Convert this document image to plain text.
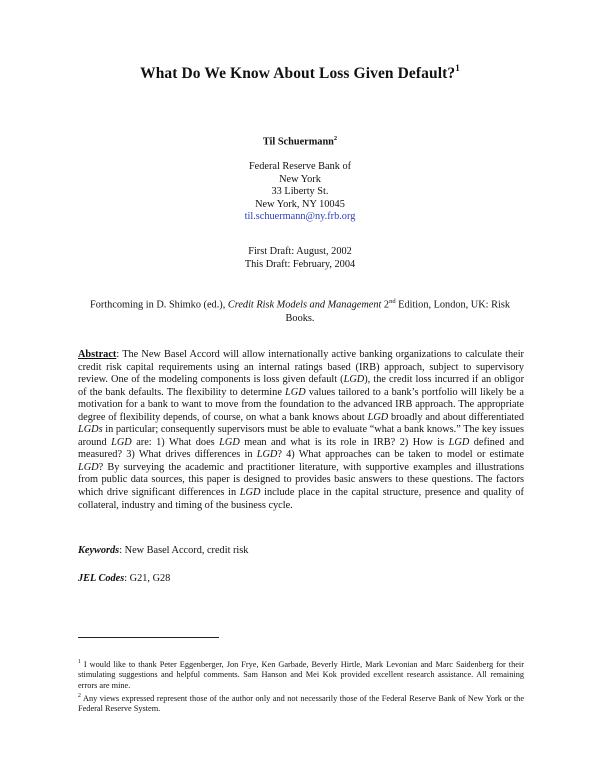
What Do We Know About Loss Given Default?$^1$
Til Schuermann$^2$
Federal Reserve Bank of
New York
33 Liberty St.
New York, NY 10045
til.schuermann@ny.frb.org
First Draft: August, 2002
This Draft: February, 2004
Forthcoming in D. Shimko (ed.), Credit Risk Models and Management 2nd Edition, London, UK: Risk Books.
Abstract: The New Basel Accord will allow internationally active banking organizations to calculate their credit risk capital requirements using an internal ratings based (IRB) approach, subject to supervisory review. One of the modeling components is loss given default (LGD), the credit loss incurred if an obligor of the bank defaults. The flexibility to determine LGD values tailored to a bank’s portfolio will likely be a motivation for a bank to want to move from the foundation to the advanced IRB approach. The appropriate degree of flexibility depends, of course, on what a bank knows about LGD broadly and about differentiated LGDs in particular; consequently supervisors must be able to evaluate “what a bank knows.” The key issues around LGD are: 1) What does LGD mean and what is its role in IRB? 2) How is LGD defined and measured? 3) What drives differences in LGD? 4) What approaches can be taken to model or estimate LGD? By surveying the academic and practitioner literature, with supportive examples and illustrations from public data sources, this paper is designed to provides basic answers to these questions. The factors which drive significant differences in LGD include place in the capital structure, presence and quality of collateral, industry and timing of the business cycle.
Keywords: New Basel Accord, credit risk
JEL Codes: G21, G28

$^1$ I would like to thank Peter Eggenberger, Jon Frye, Ken Garbade, Beverly Hirtle, Mark Levonian and Marc Saidenberg for their stimulating suggestions and helpful comments. Sam Hanson and Mei Kok provided excellent research assistance. All remaining errors are mine.

$^2$ Any views expressed represent those of the author only and not necessarily those of the Federal Reserve Bank of New York or the Federal Reserve System.
